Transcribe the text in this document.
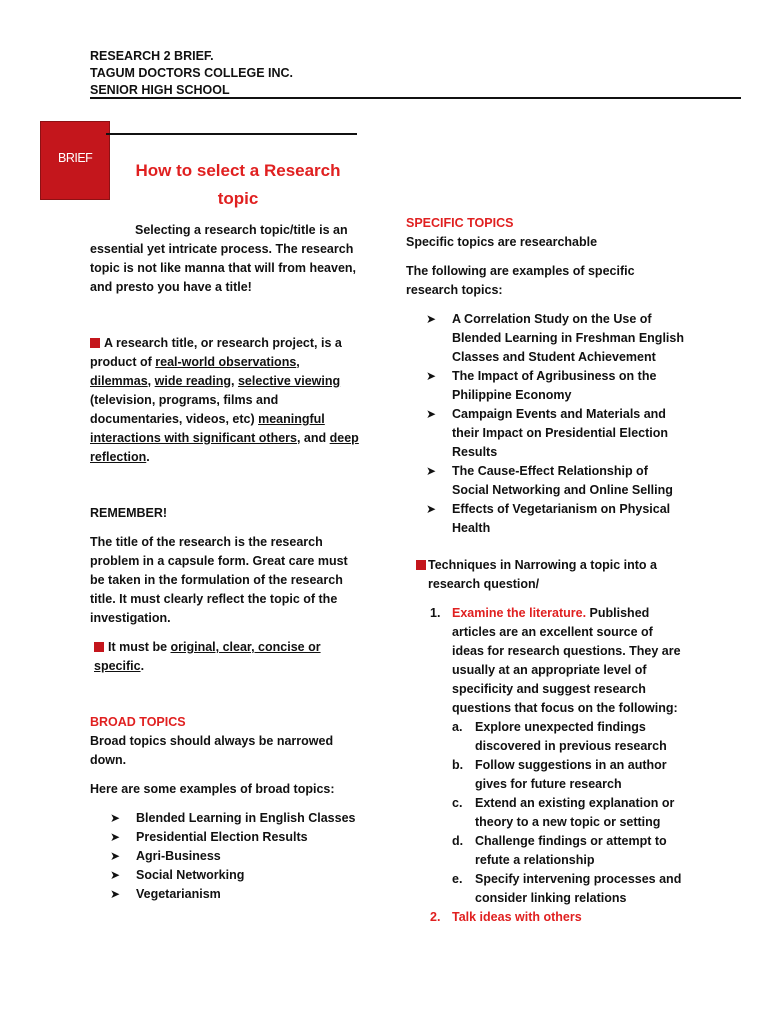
RESEARCH 2 BRIEF.
TAGUM DOCTORS COLLEGE INC.
SENIOR HIGH SCHOOL
BRIEF
How to select a Research topic

Selecting a research topic/title is an essential yet intricate process. The research topic is not like manna that will from heaven, and presto you have a title!

A research title, or research project, is a product of real-world observations, dilemmas, wide reading, selective viewing (television, programs, films and documentaries, videos, etc) meaningful interactions with significant others, and deep reflection.

REMEMBER!

The title of the research is the research problem in a capsule form. Great care must be taken in the formulation of the research title. It must clearly reflect the topic of the investigation.

It must be original, clear, concise or specific.

BROAD TOPICS

Broad topics should always be narrowed down.

Here are some examples of broad topics:

➤ Blended Learning in English Classes
➤ Presidential Election Results
➤ Agri-Business
➤ Social Networking
➤ Vegetarianism

SPECIFIC TOPICS

Specific topics are researchable

The following are examples of specific research topics:

➤ A Correlation Study on the Use of Blended Learning in Freshman English Classes and Student Achievement
➤ The Impact of Agribusiness on the Philippine Economy
➤ Campaign Events and Materials and their Impact on Presidential Election Results
➤ The Cause-Effect Relationship of Social Networking and Online Selling
➤ Effects of Vegetarianism on Physical Health

Techniques in Narrowing a topic into a research question/

1. Examine the literature. Published articles are an excellent source of ideas for research questions. They are usually at an appropriate level of specificity and suggest research questions that focus on the following:
a. Explore unexpected findings discovered in previous research
b. Follow suggestions in an author gives for future research
c. Extend an existing explanation or theory to a new topic or setting
d. Challenge findings or attempt to refute a relationship
e. Specify intervening processes and consider linking relations
2. Talk ideas with others
